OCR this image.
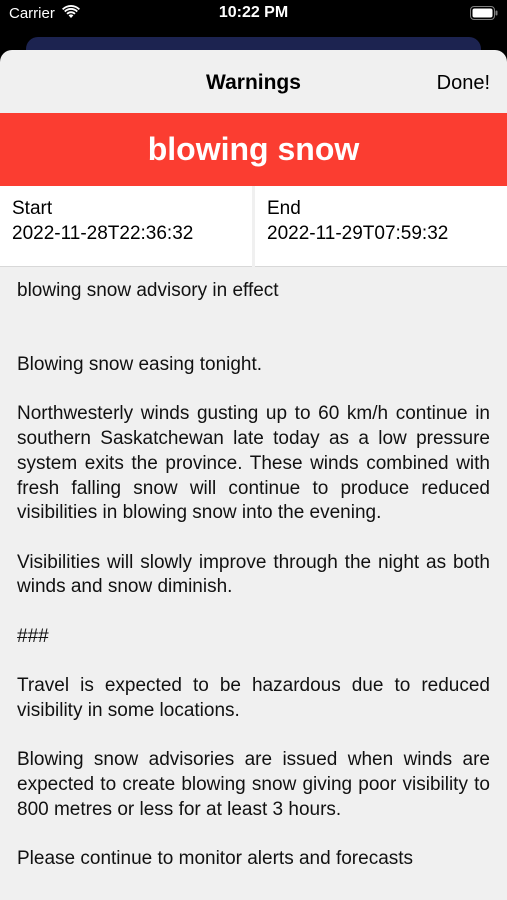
Carrier	10:22 PM
Warnings	Done!
blowing snow
Start
2022-11-28T22:36:32
End
2022-11-29T07:59:32

blowing snow advisory in effect

Blowing snow easing tonight.

Northwesterly winds gusting up to 60 km/h continue in southern Saskatchewan late today as a low pressure system exits the province. These winds combined with fresh falling snow will continue to produce reduced visibilities in blowing snow into the evening.

Visibilities will slowly improve through the night as both winds and snow diminish.

###

Travel is expected to be hazardous due to reduced visibility in some locations.

Blowing snow advisories are issued when winds are expected to create blowing snow giving poor visibility to 800 metres or less for at least 3 hours.

Please continue to monitor alerts and forecasts
